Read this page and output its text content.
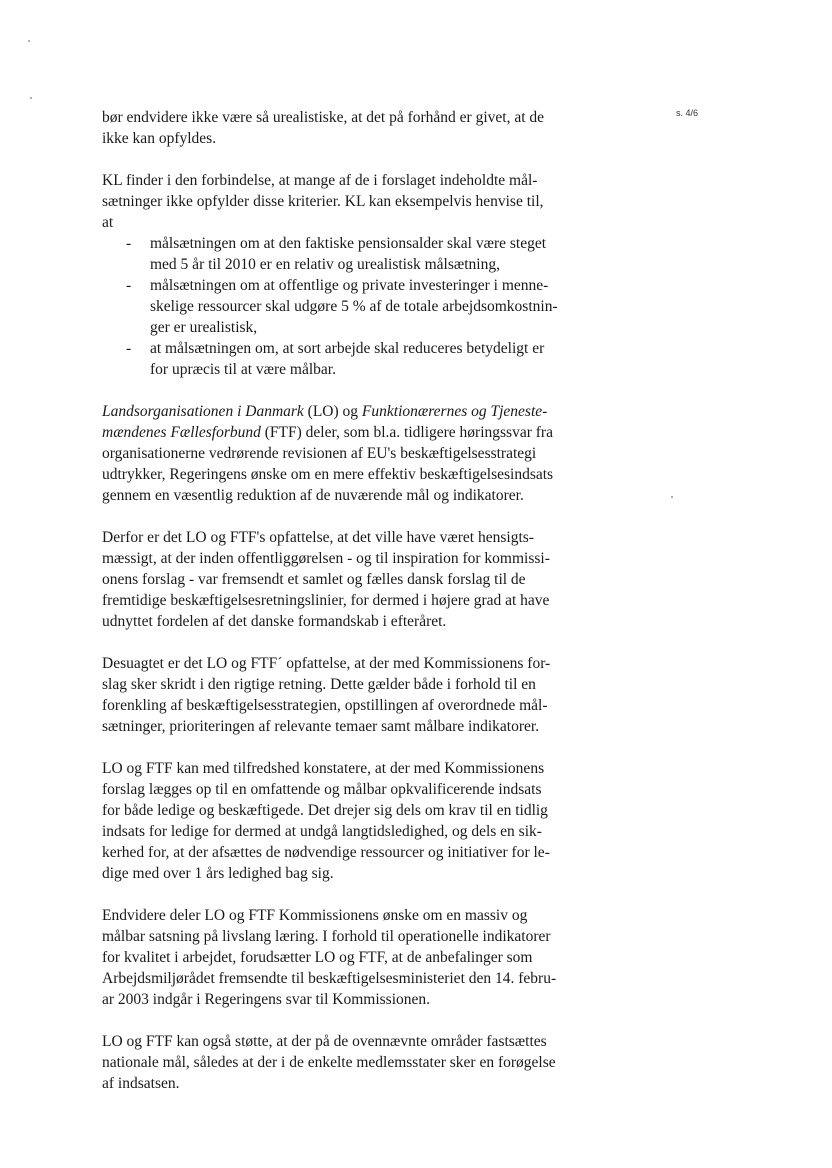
s. 4/6
bør endvidere ikke være så urealistiske, at det på forhånd er givet, at de
ikke kan opfyldes.
KL finder i den forbindelse, at mange af de i forslaget indeholdte mål-
sætninger ikke opfylder disse kriterier. KL kan eksempelvis henvise til,
at
- målsætningen om at den faktiske pensionsalder skal være steget
med 5 år til 2010 er en relativ og urealistisk målsætning,
- målsætningen om at offentlige og private investeringer i menne-
skelige ressourcer skal udgøre 5 % af de totale arbejdsomkostnin-
ger er urealistisk,
- at målsætningen om, at sort arbejde skal reduceres betydeligt er
for upræcis til at være målbar.
Landsorganisationen i Danmark (LO) og Funktionærernes og Tjeneste-
mændenes Fællesforbund (FTF) deler, som bl.a. tidligere høringssvar fra
organisationerne vedrørende revisionen af EU's beskæftigelsesstrategi
udtrykker, Regeringens ønske om en mere effektiv beskæftigelsesindsats
gennem en væsentlig reduktion af de nuværende mål og indikatorer.
Derfor er det LO og FTF's opfattelse, at det ville have været hensigts-
mæssigt, at der inden offentliggørelsen - og til inspiration for kommissi-
onens forslag - var fremsendt et samlet og fælles dansk forslag til de
fremtidige beskæftigelsesretningslinier, for dermed i højere grad at have
udnyttet fordelen af det danske formandskab i efteråret.
Desuagtet er det LO og FTF´ opfattelse, at der med Kommissionens for-
slag sker skridt i den rigtige retning. Dette gælder både i forhold til en
forenkling af beskæftigelsesstrategien, opstillingen af overordnede mål-
sætninger, prioriteringen af relevante temaer samt målbare indikatorer.
LO og FTF kan med tilfredshed konstatere, at der med Kommissionens
forslag lægges op til en omfattende og målbar opkvalificerende indsats
for både ledige og beskæftigede. Det drejer sig dels om krav til en tidlig
indsats for ledige for dermed at undgå langtidsledighed, og dels en sik-
kerhed for, at der afsættes de nødvendige ressourcer og initiativer for le-
dige med over 1 års ledighed bag sig.
Endvidere deler LO og FTF Kommissionens ønske om en massiv og
målbar satsning på livslang læring. I forhold til operationelle indikatorer
for kvalitet i arbejdet, forudsætter LO og FTF, at de anbefalinger som
Arbejdsmiljørådet fremsendte til beskæftigelsesministeriet den 14. febru-
ar 2003 indgår i Regeringens svar til Kommissionen.
LO og FTF kan også støtte, at der på de ovennævnte områder fastsættes
nationale mål, således at der i de enkelte medlemsstater sker en forøgelse
af indsatsen.
